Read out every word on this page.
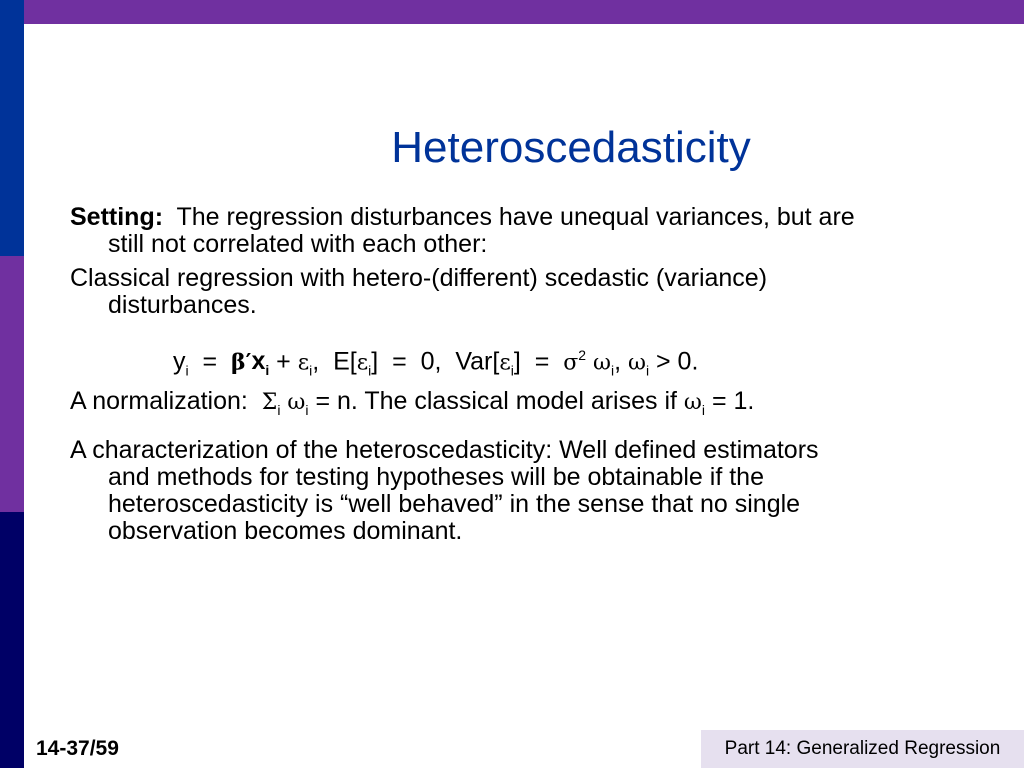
Heteroscedasticity

Setting: The regression disturbances have unequal variances, but are
still not correlated with each other:

Classical regression with hetero-(different) scedastic (variance)
disturbances.

$y_i = \beta'x_i + \varepsilon_i$,  $E[\varepsilon_i] = 0$,  $Var[\varepsilon_i] = \sigma^2$ $\omega_i$, $\omega_i > 0$.

A normalization: $\Sigma_i$ $\omega_i = n$. The classical model arises if $\omega_i = 1$.

A characterization of the heteroscedasticity: Well defined estimators
and methods for testing hypotheses will be obtainable if the
heteroscedasticity is “well behaved” in the sense that no single
observation becomes dominant.

14-37/59	Part 14: Generalized Regression
